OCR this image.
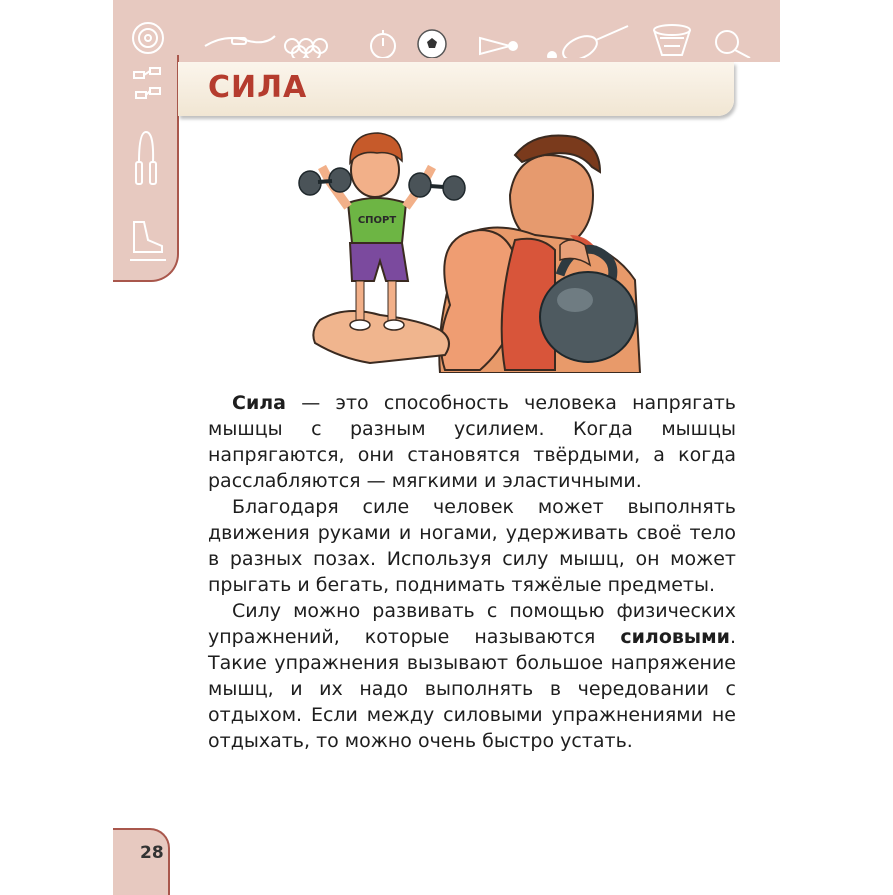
СИЛА
СПОРТ

Сила — это способность человека напрягать мышцы с разным усилием. Когда мышцы напрягаются, они становятся твёрдыми, а когда расслабляются — мягкими и эластичными.

Благодаря силе человек может выполнять движения руками и ногами, удерживать своё тело в разных позах. Используя силу мышц, он может прыгать и бегать, поднимать тяжёлые предметы.

Силу можно развивать с помощью физических упражнений, которые называются силовыми. Такие упражнения вызывают большое напряжение мышц, и их надо выполнять в чередовании с отдыхом. Если между силовыми упражнениями не отдыхать, то можно очень быстро устать.

28
